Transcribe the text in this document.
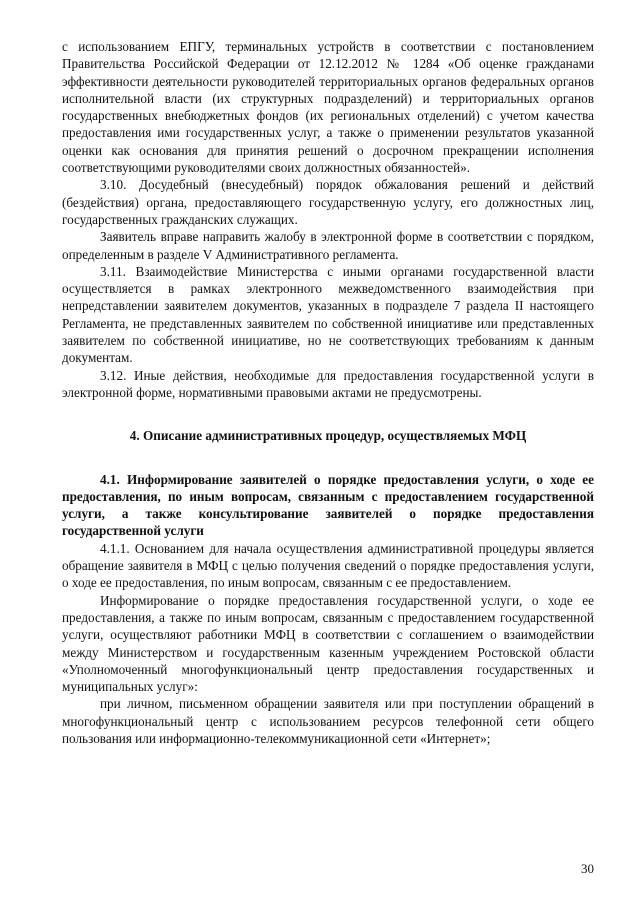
с использованием ЕПГУ, терминальных устройств в соответствии с постановлением Правительства Российской Федерации от 12.12.2012 № 1284 «Об оценке гражданами эффективности деятельности руководителей территориальных органов федеральных органов исполнительной власти (их структурных подразделений) и территориальных органов государственных внебюджетных фондов (их региональных отделений) с учетом качества предоставления ими государственных услуг, а также о применении результатов указанной оценки как основания для принятия решений о досрочном прекращении исполнения соответствующими руководителями своих должностных обязанностей».

3.10. Досудебный (внесудебный) порядок обжалования решений и действий (бездействия) органа, предоставляющего государственную услугу, его должностных лиц, государственных гражданских служащих.

Заявитель вправе направить жалобу в электронной форме в соответствии с порядком, определенным в разделе V Административного регламента.

3.11. Взаимодействие Министерства с иными органами государственной власти осуществляется в рамках электронного межведомственного взаимодействия при непредставлении заявителем документов, указанных в подразделе 7 раздела II настоящего Регламента, не представленных заявителем по собственной инициативе или представленных заявителем по собственной инициативе, но не соответствующих требованиям к данным документам.

3.12. Иные действия, необходимые для предоставления государственной услуги в электронной форме, нормативными правовыми актами не предусмотрены.

4. Описание административных процедур, осуществляемых МФЦ

4.1. Информирование заявителей о порядке предоставления услуги, о ходе ее предоставления, по иным вопросам, связанным с предоставлением государственной услуги, а также консультирование заявителей о порядке предоставления государственной услуги

4.1.1. Основанием для начала осуществления административной процедуры является обращение заявителя в МФЦ с целью получения сведений о порядке предоставления услуги, о ходе ее предоставления, по иным вопросам, связанным с ее предоставлением.

Информирование о порядке предоставления государственной услуги, о ходе ее предоставления, а также по иным вопросам, связанным с предоставлением государственной услуги, осуществляют работники МФЦ в соответствии с соглашением о взаимодействии между Министерством и государственным казенным учреждением Ростовской области «Уполномоченный многофункциональный центр предоставления государственных и муниципальных услуг»:

при личном, письменном обращении заявителя или при поступлении обращений в многофункциональный центр с использованием ресурсов телефонной сети общего пользования или информационно-телекоммуникационной сети «Интернет»;

30
